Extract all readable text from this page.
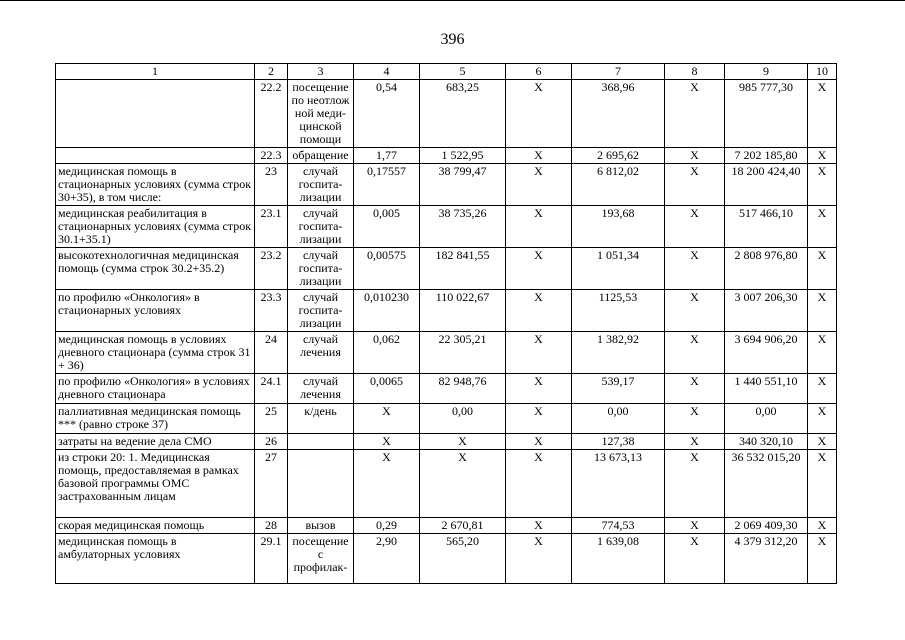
396
1	2	3	4	5	6	7	8	9	10
	22.2	посещение по неотлож ной меди- цинской помощи	0,54	683,25	X	368,96	X	985 777,30	X
	22.3	обращение	1,77	1 522,95	X	2 695,62	X	7 202 185,80	X
медицинская помощь в стационарных условиях (сумма строк 30+35), в том числе:	23	случай госпита- лизации	0,17557	38 799,47	X	6 812,02	X	18 200 424,40	X
медицинская реабилитация в стационарных условиях (сумма строк 30.1+35.1)	23.1	случай госпита- лизации	0,005	38 735,26	X	193,68	X	517 466,10	X
высокотехнологичная медицинская помощь (сумма строк 30.2+35.2)	23.2	случай госпита- лизации	0,00575	182 841,55	X	1 051,34	X	2 808 976,80	X
по профилю «Онкология» в стационарных условиях	23.3	случай госпита- лизации	0,010230	110 022,67	X	1125,53	X	3 007 206,30	X
медицинская помощь в условиях дневного стационара (сумма строк 31 + 36)	24	случай лечения	0,062	22 305,21	X	1 382,92	X	3 694 906,20	X
по профилю «Онкология» в условиях дневного стационара	24.1	случай лечения	0,0065	82 948,76	X	539,17	X	1 440 551,10	X
паллиативная медицинская помощь *** (равно строке 37)	25	к/день	X	0,00	X	0,00	X	0,00	X
затраты на ведение дела СМО	26		X	X	X	127,38	X	340 320,10	X
из строки 20: 1. Медицинская помощь, предоставляемая в рамках базовой программы ОМС застрахованным лицам	27		X	X	X	13 673,13	X	36 532 015,20	X
скорая медицинская помощь	28	вызов	0,29	2 670,81	X	774,53	X	2 069 409,30	X
медицинская помощь в амбулаторных условиях	29.1	посещение с профилак-	2,90	565,20	X	1 639,08	X	4 379 312,20	X
